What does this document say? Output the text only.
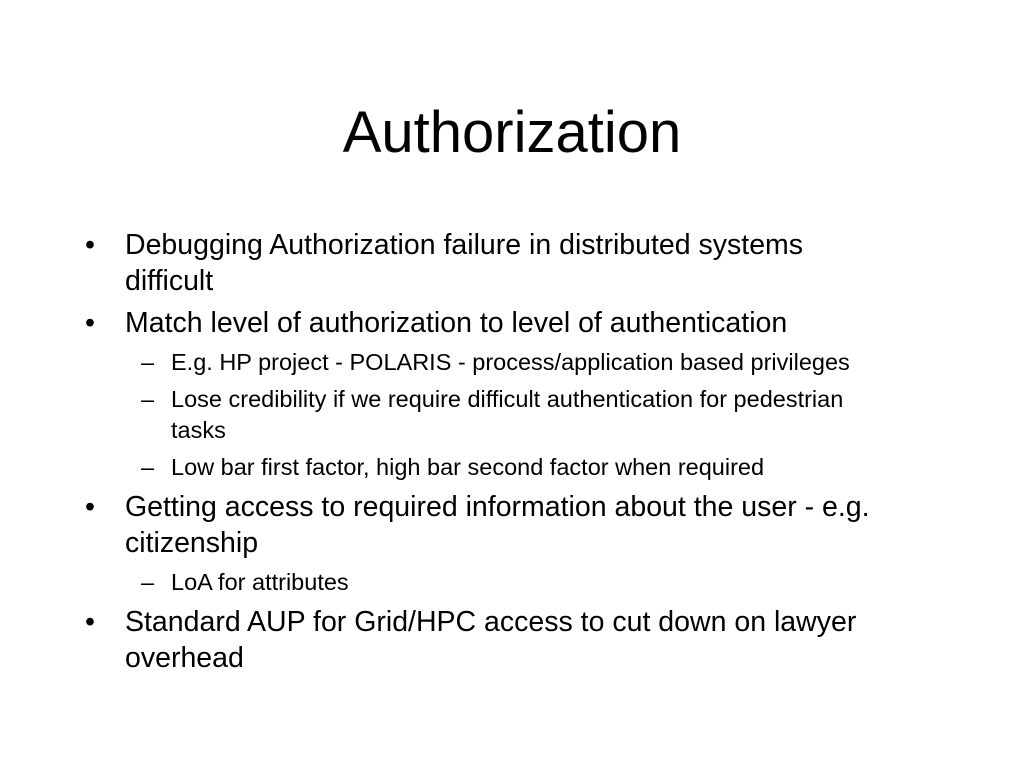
Authorization
• Debugging Authorization failure in distributed systems difficult
• Match level of authorization to level of authentication
– E.g. HP project - POLARIS - process/application based privileges
– Lose credibility if we require difficult authentication for pedestrian tasks
– Low bar first factor, high bar second factor when required
• Getting access to required information about the user - e.g. citizenship
– LoA for attributes
• Standard AUP for Grid/HPC access to cut down on lawyer overhead
